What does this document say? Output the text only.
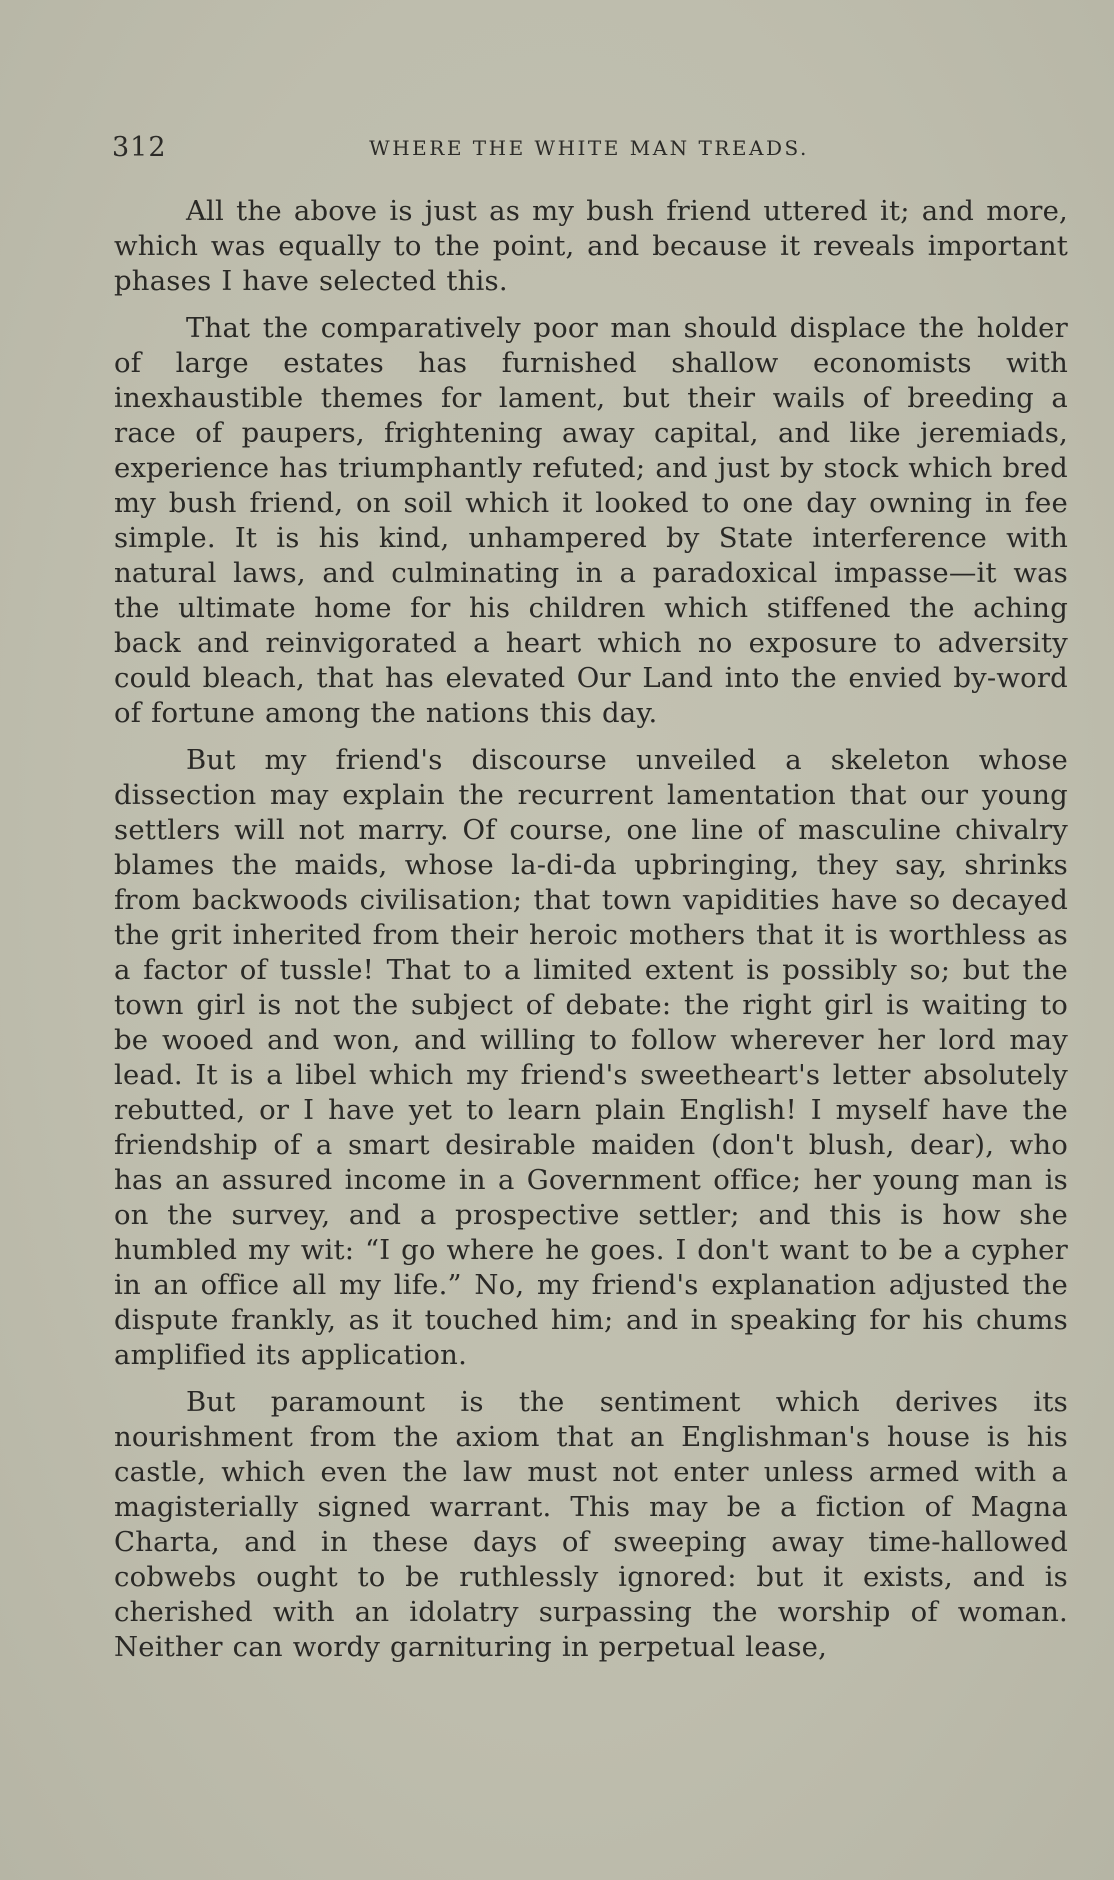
312	WHERE THE WHITE MAN TREADS.

All the above is just as my bush friend uttered it; and more, which was equally to the point, and because it reveals important phases I have selected this.

That the comparatively poor man should displace the holder of large estates has furnished shallow economists with inexhaustible themes for lament, but their wails of breeding a race of paupers, frightening away capital, and like jeremiads, experience has triumphantly refuted; and just by stock which bred my bush friend, on soil which it looked to one day owning in fee simple. It is his kind, unhampered by State interference with natural laws, and culminating in a paradoxical impasse—it was the ultimate home for his children which stiffened the aching back and reinvigorated a heart which no exposure to adversity could bleach, that has elevated Our Land into the envied by-word of fortune among the nations this day.

But my friend's discourse unveiled a skeleton whose dissection may explain the recurrent lamentation that our young settlers will not marry. Of course, one line of masculine chivalry blames the maids, whose la-di-da upbringing, they say, shrinks from backwoods civilisation; that town vapidities have so decayed the grit inherited from their heroic mothers that it is worthless as a factor of tussle! That to a limited extent is possibly so; but the town girl is not the subject of debate: the right girl is waiting to be wooed and won, and willing to follow wherever her lord may lead. It is a libel which my friend's sweetheart's letter absolutely rebutted, or I have yet to learn plain English! I myself have the friendship of a smart desirable maiden (don't blush, dear), who has an assured income in a Government office; her young man is on the survey, and a prospective settler; and this is how she humbled my wit: “I go where he goes. I don't want to be a cypher in an office all my life.” No, my friend's explanation adjusted the dispute frankly, as it touched him; and in speaking for his chums amplified its application.

But paramount is the sentiment which derives its nourishment from the axiom that an Englishman's house is his castle, which even the law must not enter unless armed with a magisterially signed warrant. This may be a fiction of Magna Charta, and in these days of sweeping away time-hallowed cobwebs ought to be ruthlessly ignored: but it exists, and is cherished with an idolatry surpassing the worship of woman. Neither can wordy garnituring in perpetual lease,
